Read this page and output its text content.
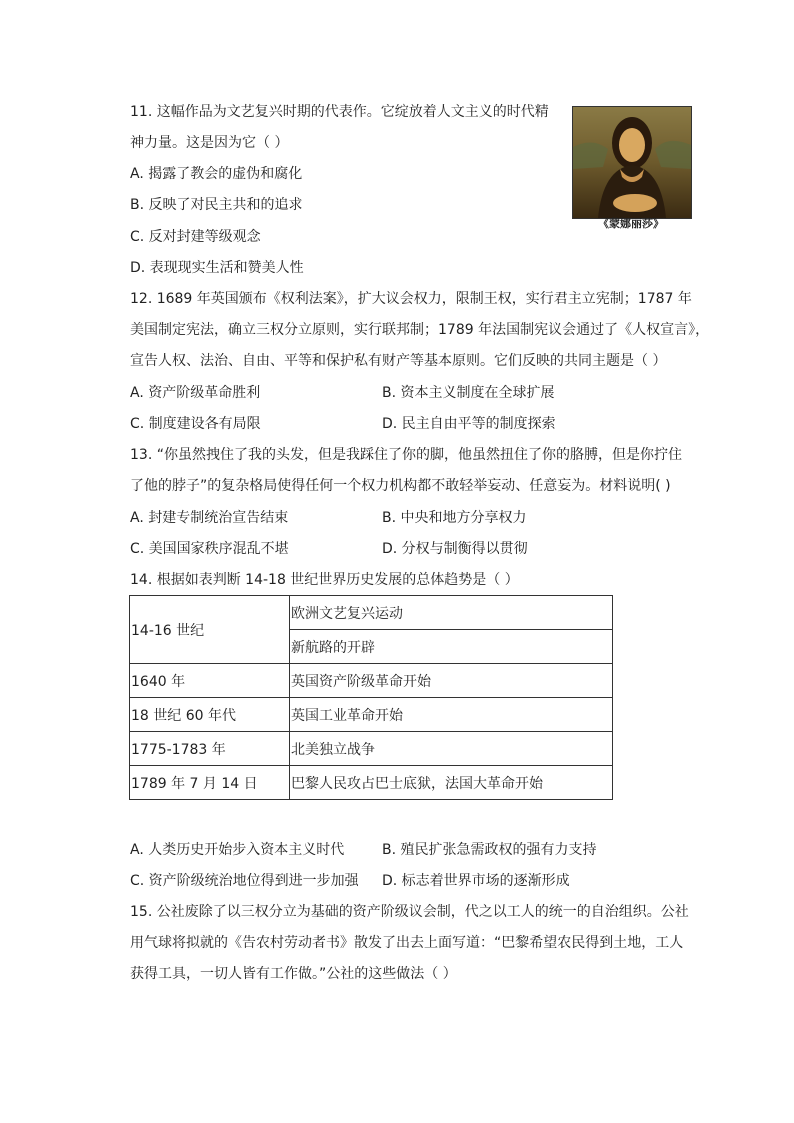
11. 这幅作品为文艺复兴时期的代表作。它绽放着人文主义的时代精
神力量。这是因为它（ ）
A. 揭露了教会的虚伪和腐化
B. 反映了对民主共和的追求
C. 反对封建等级观念
D. 表现现实生活和赞美人性
《蒙娜丽莎》
12. 1689 年英国颁布《权利法案》，扩大议会权力，限制王权，实行君主立宪制；1787 年
美国制定宪法，确立三权分立原则，实行联邦制；1789 年法国制宪议会通过了《人权宣言》，
宣告人权、法治、自由、平等和保护私有财产等基本原则。它们反映的共同主题是（ ）
A. 资产阶级革命胜利	B. 资本主义制度在全球扩展
C. 制度建设各有局限	D. 民主自由平等的制度探索
13. “你虽然拽住了我的头发，但是我踩住了你的脚，他虽然扭住了你的胳膊，但是你拧住
了他的脖子”的复杂格局使得任何一个权力机构都不敢轻举妄动、任意妄为。材料说明( )
A. 封建专制统治宣告结束	B. 中央和地方分享权力
C. 美国国家秩序混乱不堪	D. 分权与制衡得以贯彻
14. 根据如表判断 14-18 世纪世界历史发展的总体趋势是（ ）
14-16 世纪	欧洲文艺复兴运动
	新航路的开辟
1640 年	英国资产阶级革命开始
18 世纪 60 年代	英国工业革命开始
1775-1783 年	北美独立战争
1789 年 7 月 14 日	巴黎人民攻占巴士底狱，法国大革命开始
A. 人类历史开始步入资本主义时代	B. 殖民扩张急需政权的强有力支持
C. 资产阶级统治地位得到进一步加强 D. 标志着世界市场的逐渐形成
15. 公社废除了以三权分立为基础的资产阶级议会制，代之以工人的统一的自治组织。公社
用气球将拟就的《告农村劳动者书》散发了出去上面写道：“巴黎希望农民得到土地，工人
获得工具，一切人皆有工作做。”公社的这些做法（ ）
